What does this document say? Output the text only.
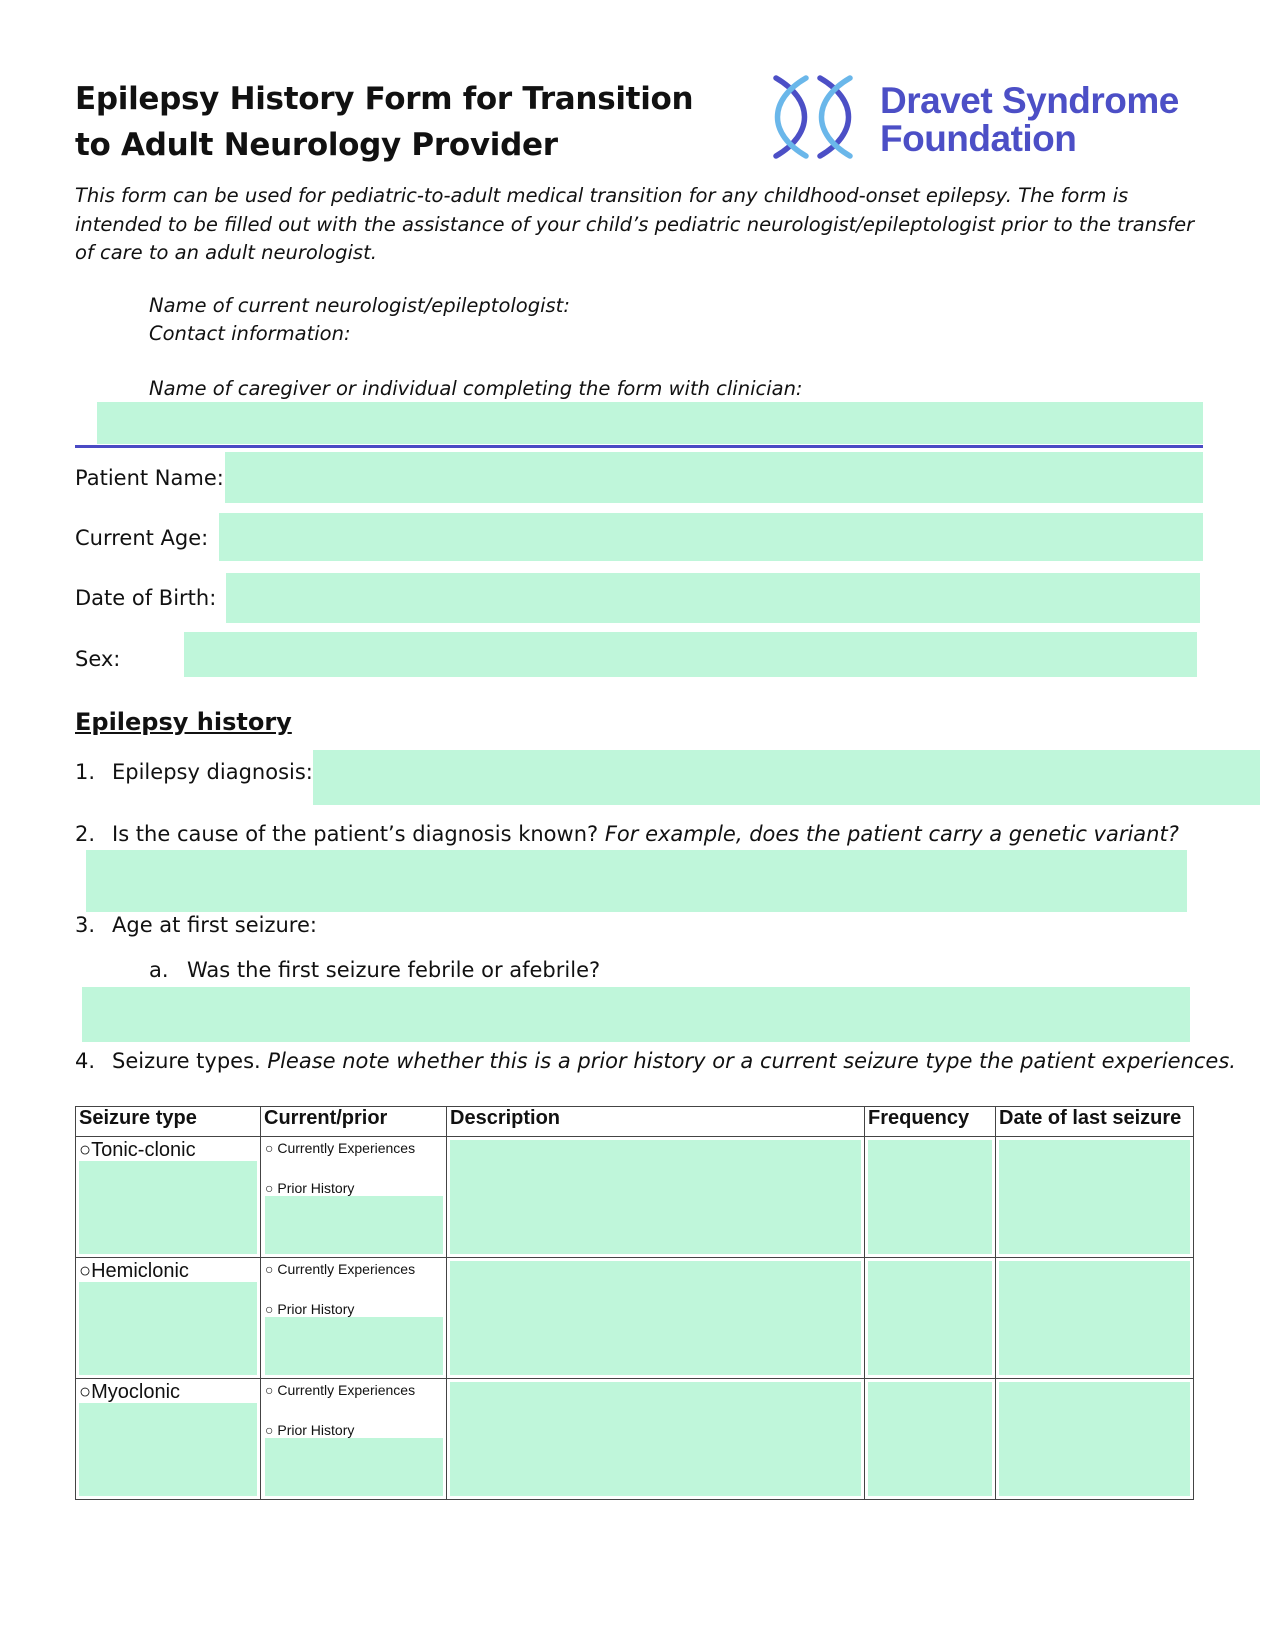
Epilepsy History Form for Transition
to Adult Neurology Provider
Dravet Syndrome
Foundation
This form can be used for pediatric-to-adult medical transition for any childhood-onset epilepsy. The form is intended to be filled out with the assistance of your child’s pediatric neurologist/epileptologist prior to the transfer of care to an adult neurologist.
Name of current neurologist/epileptologist:
Contact information:
Name of caregiver or individual completing the form with clinician:
Patient Name:
Current Age:
Date of Birth:
Sex:
Epilepsy history
1. Epilepsy diagnosis:
2. Is the cause of the patient’s diagnosis known? For example, does the patient carry a genetic variant?
3. Age at first seizure:
a. Was the first seizure febrile or afebrile?
4. Seizure types. Please note whether this is a prior history or a current seizure type the patient experiences.
Seizure type	Current/prior	Description	Frequency	Date of last seizure

○Tonic-clonic	○ Currently Experiences
○ Prior History			

○Hemiclonic	○ Currently Experiences
○ Prior History			

○Myoclonic	○ Currently Experiences
○ Prior History			
